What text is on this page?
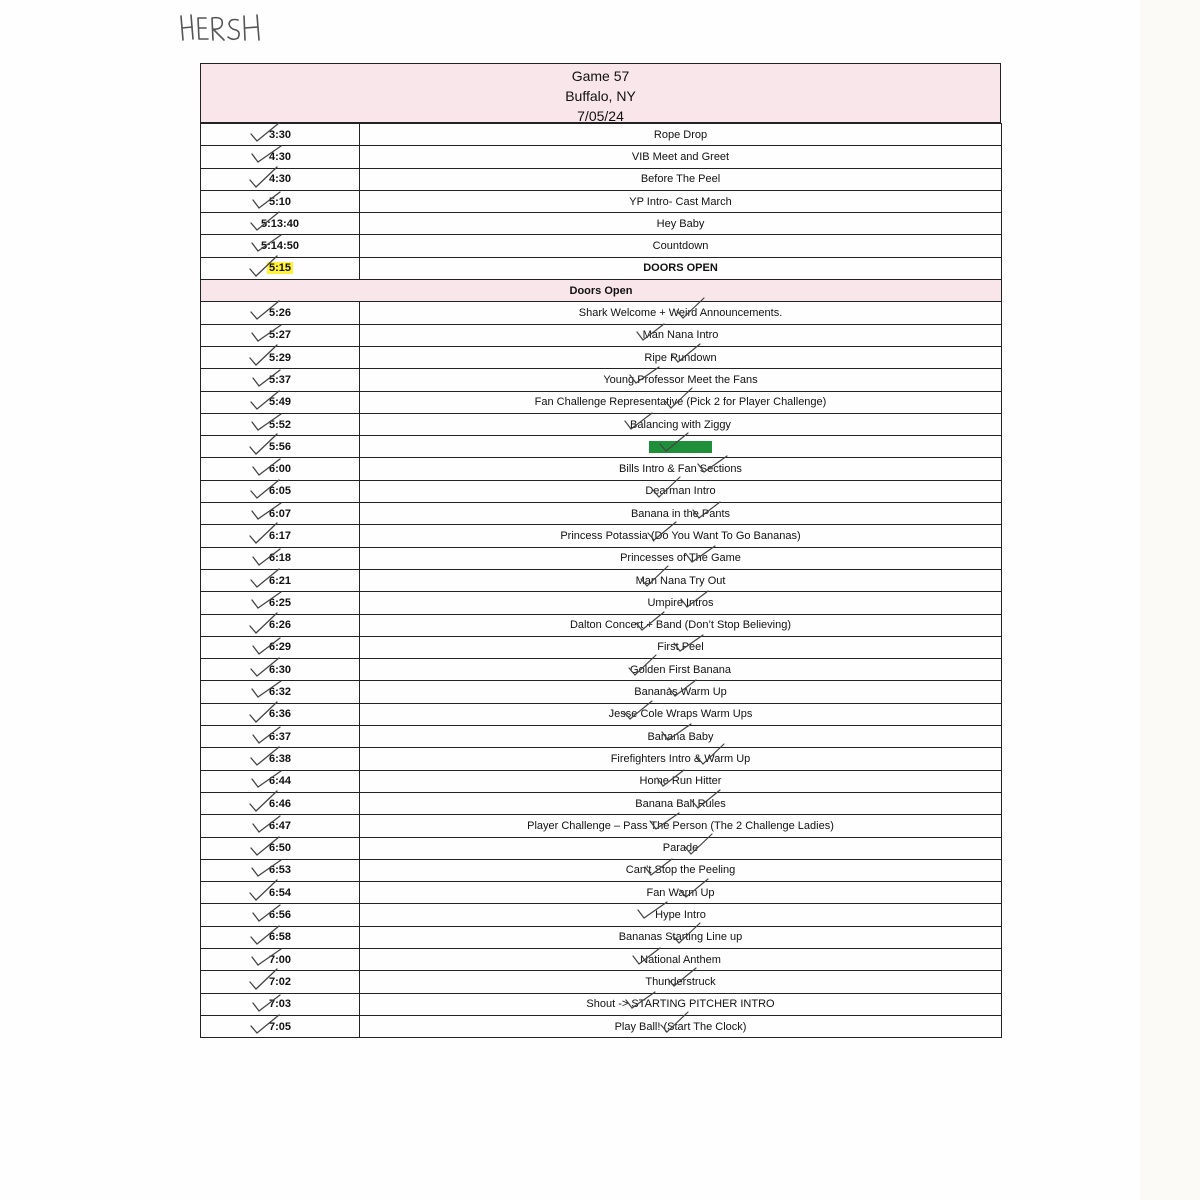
Game 57
Buffalo, NY
7/05/24
3:30	Rope Drop
4:30	VIB Meet and Greet
4:30	Before The Peel
5:10	YP Intro- Cast March
5:13:40	Hey Baby
5:14:50	Countdown
5:15	DOORS OPEN
Doors Open	
5:26	Shark Welcome + Weird Announcements.

5:27	Man Nana Intro

5:29	Ripe Rundown

5:37	Young Professor Meet the Fans

5:49	Fan Challenge Representative (Pick 2 for Player Challenge)

5:52	Balancing with Ziggy

5:56	Spiced Solo

6:00	Bills Intro & Fan Sections

6:05	Dearman Intro

6:07	Banana in the Pants

6:17	Princess Potassia (Do You Want To Go Bananas)

6:18	Princesses of The Game

6:21	Man Nana Try Out

6:25	Umpire Intros

6:26	Dalton Concert + Band (Don’t Stop Believing)

6:29	First Peel

6:30	Golden First Banana

6:32	Bananas Warm Up

6:36	Jesse Cole Wraps Warm Ups

6:37	Banana Baby

6:38	Firefighters Intro & Warm Up

6:44	Home Run Hitter

6:46	Banana Ball Rules

6:47	Player Challenge – Pass The Person (The 2 Challenge Ladies)

6:50	Parade

6:53	Can’t Stop the Peeling

6:54	Fan Warm Up

6:56	Hype Intro

6:58	Bananas Starting Line up

7:00	National Anthem

7:02	Thunderstruck

7:03	Shout -> STARTING PITCHER INTRO

7:05	Play Ball! (Start The Clock)
